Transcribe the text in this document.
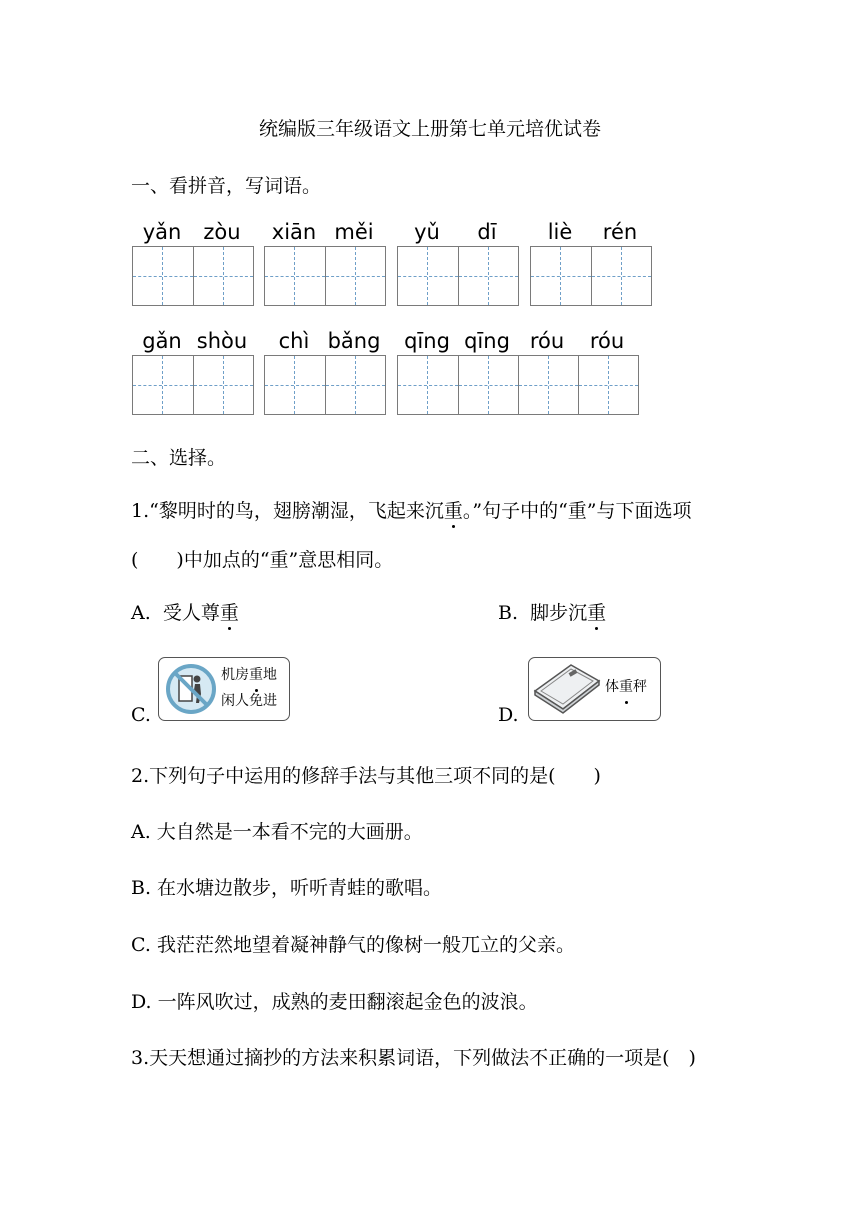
统编版三年级语文上册第七单元培优试卷
一、看拼音，写词语。
yǎn	zòu	xiān měi	yǔ	dī	liè	rén
gǎn shòu	chì bǎng	qīng qīng róu	róu
二、选择。
1.“黎明时的鸟，翅膀潮湿，飞起来沉重。”句子中的“重”与下面选项
(　　)中加点的“重”意思相同。
A. 受人尊重	B. 脚步沉重
C.
机房重地
闲人免进
D.
体重秤
2.下列句子中运用的修辞手法与其他三项不同的是(　　)
A. 大自然是一本看不完的大画册。
B. 在水塘边散步，听听青蛙的歌唱。
C. 我茫茫然地望着凝神静气的像树一般兀立的父亲。
D. 一阵风吹过，成熟的麦田翻滚起金色的波浪。
3.天天想通过摘抄的方法来积累词语，下列做法不正确的一项是(　)
